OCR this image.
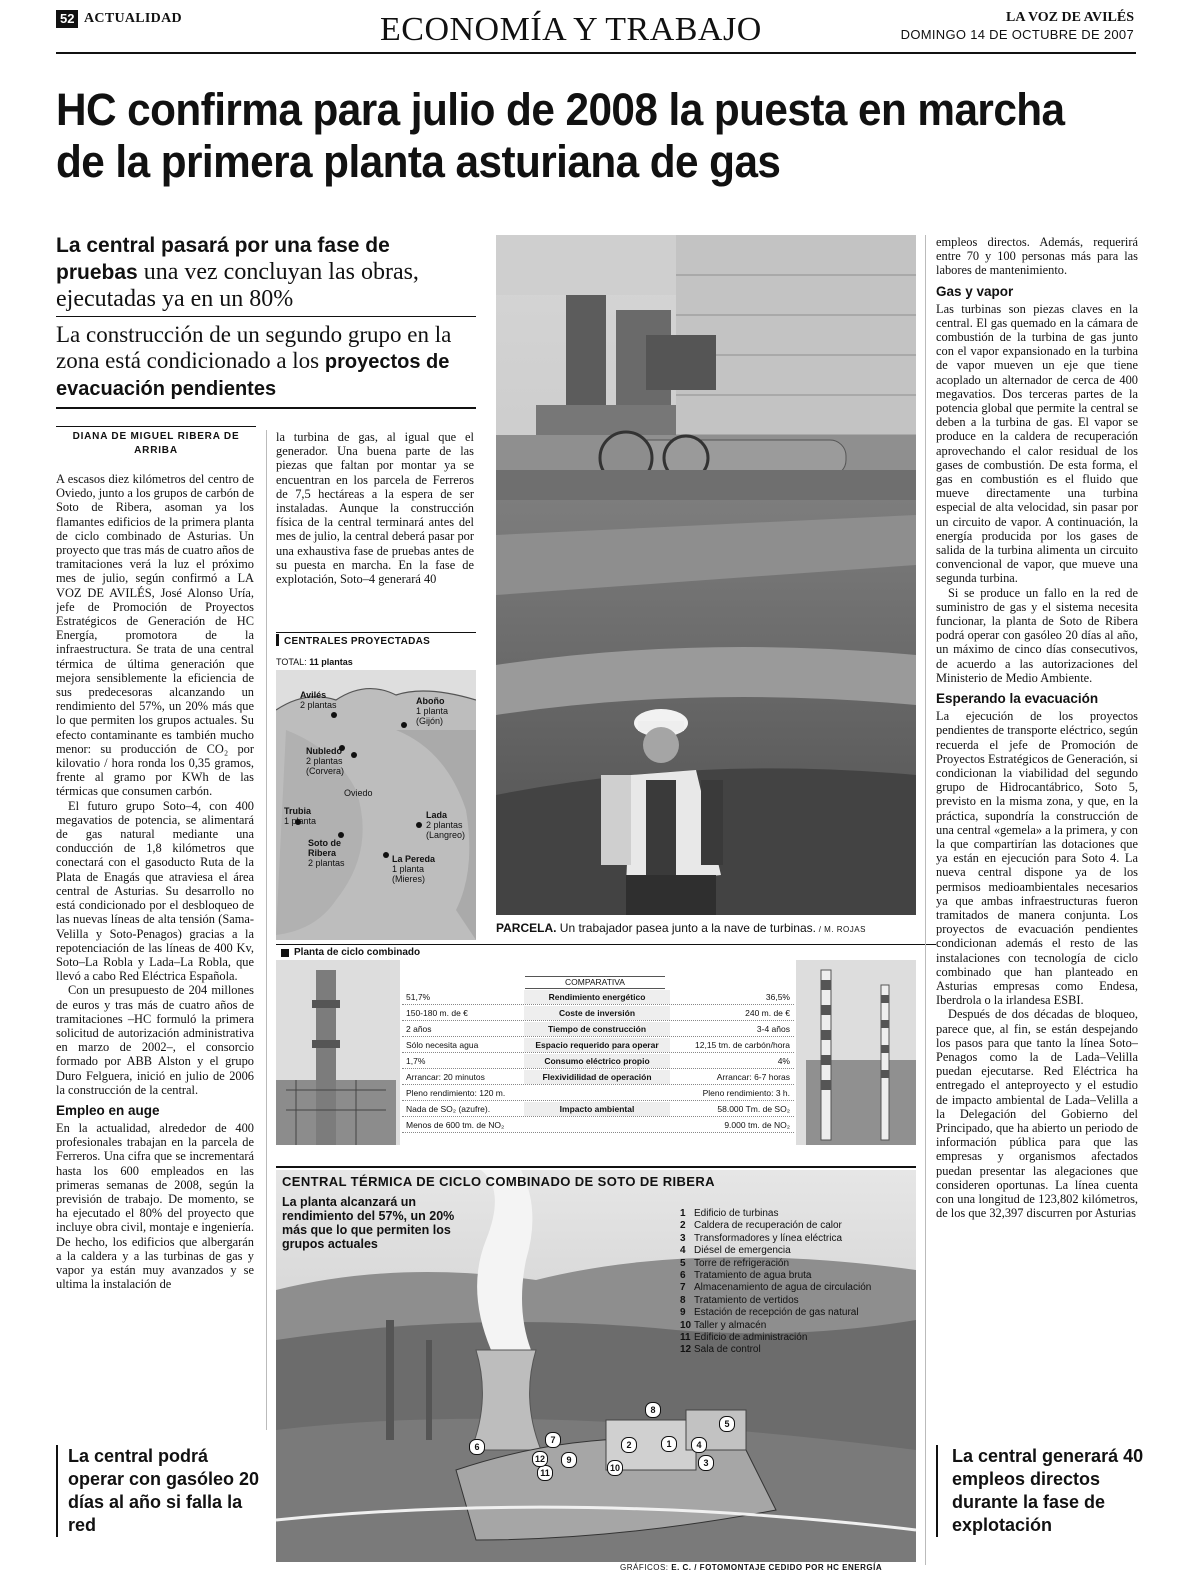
52 ACTUALIDAD	ECONOMÍA Y TRABAJO	LA VOZ DE AVILÉS
DOMINGO 14 DE OCTUBRE DE 2007
HC confirma para julio de 2008 la puesta en marcha de la primera planta asturiana de gas
La central pasará por una fase de pruebas una vez concluyan las obras, ejecutadas ya en un 80%
La construcción de un segundo grupo en la zona está condicionado a los proyectos de evacuación pendientes
DIANA DE MIGUEL RIBERA DE ARRIBA

A escasos diez kilómetros del centro de Oviedo, junto a los grupos de carbón de Soto de Ribera, asoman ya los flamantes edificios de la primera planta de ciclo combinado de Asturias. Un proyecto que tras más de cuatro años de tramitaciones verá la luz el próximo mes de julio, según confirmó a LA VOZ DE AVILÉS, José Alonso Uría, jefe de Promoción de Proyectos Estratégicos de Generación de HC Energía, promotora de la infraestructura. Se trata de una central térmica de última generación que mejora sensiblemente la eficiencia de sus predecesoras alcanzando un rendimiento del 57%, un 20% más que lo que permiten los grupos actuales. Su efecto contaminante es también mucho menor: su producción de CO₂ por kilovatio / hora ronda los 0,35 gramos, frente al gramo por KWh de las térmicas que consumen carbón.

El futuro grupo Soto–4, con 400 megavatios de potencia, se alimentará de gas natural mediante una conducción de 1,8 kilómetros que conectará con el gasoducto Ruta de la Plata de Enagás que atraviesa el área central de Asturias. Su desarrollo no está condicionado por el desbloqueo de las nuevas líneas de alta tensión (Sama-Velilla y Soto-Penagos) gracias a la repotenciación de las líneas de 400 Kv, Soto–La Robla y Lada–La Robla, que llevó a cabo Red Eléctrica Española.

Con un presupuesto de 204 millones de euros y tras más de cuatro años de tramitaciones –HC formuló la primera solicitud de autorización administrativa en marzo de 2002–, el consorcio formado por ABB Alston y el grupo Duro Felguera, inició en julio de 2006 la construcción de la central.

Empleo en auge

En la actualidad, alrededor de 400 profesionales trabajan en la parcela de Ferreros. Una cifra que se incrementará hasta los 600 empleados en las primeras semanas de 2008, según la previsión de trabajo. De momento, se ha ejecutado el 80% del proyecto que incluye obra civil, montaje e ingeniería. De hecho, los edificios que albergarán a la caldera y a las turbinas de gas y vapor ya están muy avanzados y se ultima la instalación de

la turbina de gas, al igual que el generador. Una buena parte de las piezas que faltan por montar ya se encuentran en los parcela de Ferreros de 7,5 hectáreas a la espera de ser instaladas. Aunque la construcción física de la central terminará antes del mes de julio, la central deberá pasar por una exhaustiva fase de pruebas antes de su puesta en marcha. En la fase de explotación, Soto–4 generará 40

PARCELA. Un trabajador pasea junto a la nave de turbinas. / M. ROJAS
CENTRALES PROYECTADAS
TOTAL: 11 plantas
Avilés
2 plantas	Aboño
1 planta (Gijón)
Nubledo
2 plantas (Corvera)
Oviedo
Trubia
1 planta
Lada
2 plantas (Langreo)
Soto de Ribera
2 plantas	La Pereda
1 planta (Mieres)
Planta de ciclo combinado
COMPARATIVA
CENTRAL TÉRMICA DE CICLO COMBINADO DE SOTO DE RIBERA
La planta alcanzará un rendimiento del 57%, un 20% más que lo que permiten los grupos actuales
1 Edificio de turbinas
2 Caldera de recuperación de calor
3 Transformadores y línea eléctrica
4 Diésel de emergencia
5 Torre de refrigeración
6 Tratamiento de agua bruta
7 Almacenamiento de agua de circulación
8 Tratamiento de vertidos
9 Estación de recepción de gas natural
10 Taller y almacén
11 Edificio de administración
12 Sala de control
1
2
3
4
5
6
7
8
9
10
11
12
GRÁFICOS: E. C. / FOTOMONTAJE CEDIDO POR HC ENERGÍA

empleos directos. Además, requerirá entre 70 y 100 personas más para las labores de mantenimiento.

Gas y vapor

Las turbinas son piezas claves en la central. El gas quemado en la cámara de combustión de la turbina de gas junto con el vapor expansionado en la turbina de vapor mueven un eje que tiene acoplado un alternador de cerca de 400 megavatios. Dos terceras partes de la potencia global que permite la central se deben a la turbina de gas. El vapor se produce en la caldera de recuperación aprovechando el calor residual de los gases de combustión. De esta forma, el gas en combustión es el fluido que mueve directamente una turbina especial de alta velocidad, sin pasar por un circuito de vapor. A continuación, la energía producida por los gases de salida de la turbina alimenta un circuito convencional de vapor, que mueve una segunda turbina.

Si se produce un fallo en la red de suministro de gas y el sistema necesita funcionar, la planta de Soto de Ribera podrá operar con gasóleo 20 días al año, un máximo de cinco días consecutivos, de acuerdo a las autorizaciones del Ministerio de Medio Ambiente.

Esperando la evacuación

La ejecución de los proyectos pendientes de transporte eléctrico, según recuerda el jefe de Promoción de Proyectos Estratégicos de Generación, si condicionan la viabilidad del segundo grupo de Hidrocantábrico, Soto 5, previsto en la misma zona, y que, en la práctica, supondría la construcción de una central «gemela» a la primera, y con la que compartirían las dotaciones que ya están en ejecución para Soto 4. La nueva central dispone ya de los permisos medioambientales necesarios ya que ambas infraestructuras fueron tramitados de manera conjunta. Los proyectos de evacuación pendientes condicionan además el resto de las instalaciones con tecnología de ciclo combinado que han planteado en Asturias empresas como Endesa, Iberdrola o la irlandesa ESBI.

Después de dos décadas de bloqueo, parece que, al fin, se están despejando los pasos para que tanto la línea Soto–Penagos como la de Lada–Velilla puedan ejecutarse. Red Eléctrica ha entregado el anteproyecto y el estudio de impacto ambiental de Lada–Velilla a la Delegación del Gobierno del Principado, que ha abierto un periodo de información pública para que las empresas y organismos afectados puedan presentar las alegaciones que consideren oportunas. La línea cuenta con una longitud de 123,802 kilómetros, de los que 32,397 discurren por Asturias

La central podrá operar con gasóleo 20 días al año si falla la red
La central generará 40 empleos directos durante la fase de explotación
51,7%	Rendimiento energético	36,5%
150-180 m. de €	Coste de inversión	240 m. de €
2 años	Tiempo de construcción	3-4 años
Sólo necesita agua	Espacio requerido para operar	12,15 tm. de carbón/hora
1,7%	Consumo eléctrico propio	4%
Arrancar: 20 minutos	Flexividilidad de operación	Arrancar: 6-7 horas
Pleno rendimiento: 120 m.	Pleno rendimiento: 3 h.
Nada de SO₂ (azufre).	Impacto ambiental	58.000 Tm. de SO₂
Menos de 600 tm. de NO₂	9.000 tm. de NO₂
